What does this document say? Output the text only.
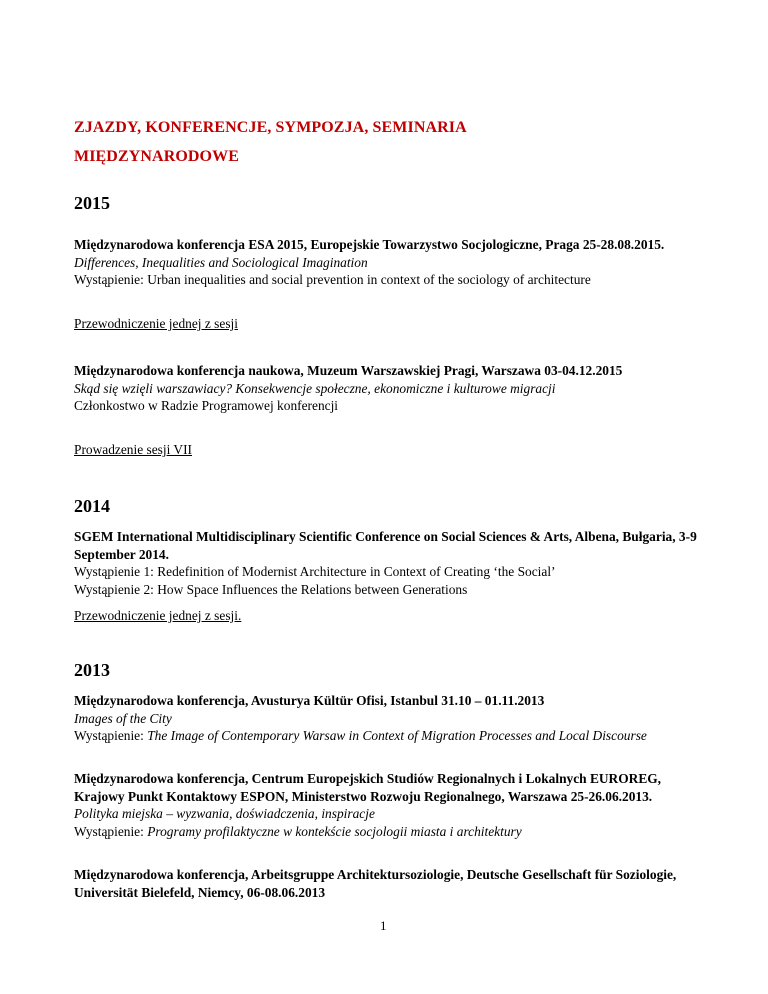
ZJAZDY, KONFERENCJE, SYMPOZJA, SEMINARIA
MIĘDZYNARODOWE
2015
Międzynarodowa konferencja ESA 2015, Europejskie Towarzystwo Socjologiczne, Praga 25-28.08.2015.
Differences, Inequalities and Sociological Imagination
Wystąpienie: Urban inequalities and social prevention in context of the sociology of architecture
Przewodniczenie jednej z sesji
Międzynarodowa konferencja naukowa, Muzeum Warszawskiej Pragi, Warszawa 03-04.12.2015
Skąd się wzięli warszawiacy? Konsekwencje społeczne, ekonomiczne i kulturowe migracji
Członkostwo w Radzie Programowej konferencji
Prowadzenie sesji VII
2014
SGEM International Multidisciplinary Scientific Conference on Social Sciences & Arts, Albena, Bułgaria, 3-9 September 2014.
Wystąpienie 1: Redefinition of Modernist Architecture in Context of Creating ‘the Social’
Wystąpienie 2: How Space Influences the Relations between Generations
Przewodniczenie jednej z sesji.
2013
Międzynarodowa konferencja, Avusturya Kültür Ofisi, Istanbul 31.10 – 01.11.2013
Images of the City
Wystąpienie: The Image of Contemporary Warsaw in Context of Migration Processes and Local Discourse
Międzynarodowa konferencja, Centrum Europejskich Studiów Regionalnych i Lokalnych EUROREG, Krajowy Punkt Kontaktowy ESPON, Ministerstwo Rozwoju Regionalnego, Warszawa 25-26.06.2013.
Polityka miejska – wyzwania, doświadczenia, inspiracje
Wystąpienie: Programy profilaktyczne w kontekście socjologii miasta i architektury
Międzynarodowa konferencja, Arbeitsgruppe Architektursoziologie, Deutsche Gesellschaft für Soziologie, Universität Bielefeld, Niemcy, 06-08.06.2013
1
